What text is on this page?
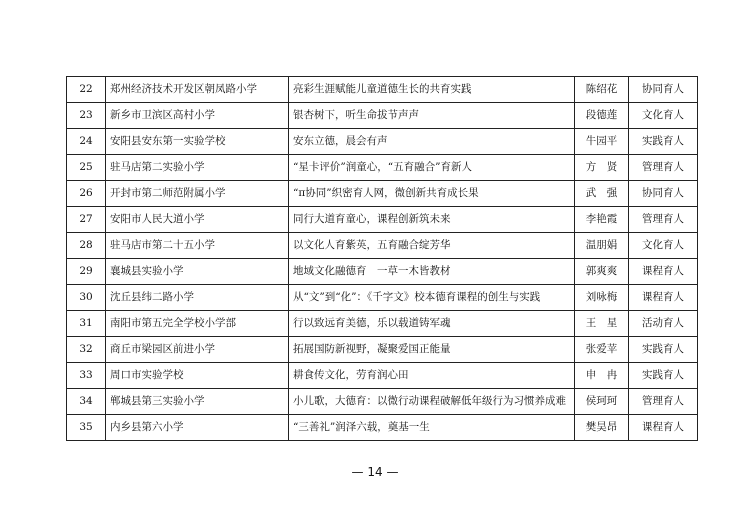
22	郑州经济技术开发区朝凤路小学	亮彩生涯赋能儿童道德生长的共育实践	陈绍花	协同育人
23	新乡市卫滨区高村小学	银杏树下，听生命拔节声声	段德莲	文化育人
24	安阳县安东第一实验学校	安东立德，晨会有声	牛园平	实践育人
25	驻马店第二实验小学	“星卡评价”润童心，“五育融合”育新人	方　贤	管理育人
26	开封市第二师范附属小学	“π协同”织密育人网，微创新共育成长果	武　强	协同育人
27	安阳市人民大道小学	同行大道育童心，课程创新筑未来	李艳霞	管理育人
28	驻马店市第二十五小学	以文化人育紫英，五育融合绽芳华	温朋娟	文化育人
29	襄城县实验小学	地域文化融德育　一草一木皆教材	郭爽爽	课程育人
30	沈丘县纬二路小学	从“文”到“化”：《千字文》校本德育课程的创生与实践	刘咏梅	课程育人
31	南阳市第五完全学校小学部	行以致远育美德，乐以载道铸军魂	王　星	活动育人
32	商丘市梁园区前进小学	拓展国防新视野，凝聚爱国正能量	张爱苹	实践育人
33	周口市实验学校	耕食传文化，劳育润心田	申　冉	实践育人
34	郸城县第三实验小学	小儿歌，大德育：以微行动课程破解低年级行为习惯养成难	侯珂珂	管理育人
35	内乡县第六小学	“三善礼”润泽六载，奠基一生	樊昊昂	课程育人
— 14 —
